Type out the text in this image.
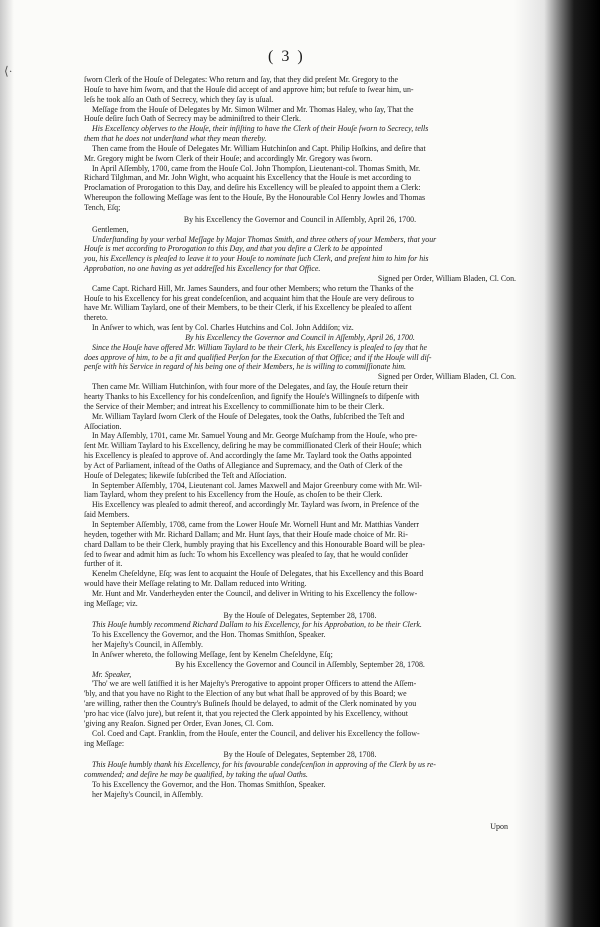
⟨·
( 3 )

ſworn Clerk of the Houſe of Delegates: Who return and ſay, that they did preſent Mr. Gregory to the

Houſe to have him ſworn, and that the Houſe did accept of and approve him; but refuſe to ſwear him, un-

leſs he took alſo an Oath of Secrecy, which they ſay is uſual.

Meſſage from the Houſe of Delegates by Mr. Simon Wilmer and Mr. Thomas Haley, who ſay, That the

Houſe deſire ſuch Oath of Secrecy may be adminiſtred to their Clerk.

His Excellency obſerves to the Houſe, their inſiſting to have the Clerk of their Houſe ſworn to Secrecy, tells

them that he does not underſtand what they mean thereby.

Then came from the Houſe of Delegates Mr. William Hutchinſon and Capt. Philip Hoſkins, and deſire that

Mr. Gregory might be ſworn Clerk of their Houſe; and accordingly Mr. Gregory was ſworn.

In April Aſſembly, 1700, came from the Houſe Col. John Thompſon, Lieutenant-col. Thomas Smith, Mr.

Richard Tilghman, and Mr. John Wight, who acquaint his Excellency that the Houſe is met according to

Proclamation of Prorogation to this Day, and deſire his Excellency will be pleaſed to appoint them a Clerk:

Whereupon the following Meſſage was ſent to the Houſe, By the Honourable Col Henry Jowles and Thomas

Tench, Eſq;

By his Excellency the Governor and Council in Aſſembly, April 26, 1700.

Gentlemen,

Underſtanding by your verbal Meſſage by Major Thomas Smith, and three others of your Members, that your

Houſe is met according to Prorogation to this Day, and that you deſire a Clerk to be appointed

you, his Excellency is pleaſed to leave it to your Houſe to nominate ſuch Clerk, and preſent him to him for his

Approbation, no one having as yet addreſſed his Excellency for that Office.

Signed per Order, William Bladen, Cl. Con.

Came Capt. Richard Hill, Mr. James Saunders, and four other Members; who return the Thanks of the

Houſe to his Excellency for his great condeſcenſion, and acquaint him that the Houſe are very deſirous to

have Mr. William Taylard, one of their Members, to be their Clerk, if his Excellency be pleaſed to aſſent

thereto.

In Anſwer to which, was ſent by Col. Charles Hutchins and Col. John Addiſon; viz.

By his Excellency the Governor and Council in Aſſembly, April 26, 1700.

Since the Houſe have offered Mr. William Taylard to be their Clerk, his Excellency is pleaſed to ſay that he

does approve of him, to be a fit and qualified Perſon for the Execution of that Office; and if the Houſe will diſ-

penſe with his Service in regard of his being one of their Members, he is willing to commiſſionate him.

Signed per Order, William Bladen, Cl. Con.

Then came Mr. William Hutchinſon, with four more of the Delegates, and ſay, the Houſe return their

hearty Thanks to his Excellency for his condeſcenſion, and ſignify the Houſe's Willingneſs to diſpenſe with

the Service of their Member; and intreat his Excellency to commiſſionate him to be their Clerk.

Mr. William Taylard ſworn Clerk of the Houſe of Delegates, took the Oaths, ſubſcribed the Teſt and

Aſſociation.

In May Aſſembly, 1701, came Mr. Samuel Young and Mr. George Muſchamp from the Houſe, who pre-

ſent Mr. William Taylard to his Excellency, deſiring he may be commiſſionated Clerk of their Houſe; which

his Excellency is pleaſed to approve of. And accordingly the ſame Mr. Taylard took the Oaths appointed

by Act of Parliament, inſtead of the Oaths of Allegiance and Supremacy, and the Oath of Clerk of the

Houſe of Delegates; likewiſe ſubſcribed the Teſt and Aſſociation.

In September Aſſembly, 1704, Lieutenant col. James Maxwell and Major Greenbury come with Mr. Wil-

liam Taylard, whom they preſent to his Excellency from the Houſe, as choſen to be their Clerk.

His Excellency was pleaſed to admit thereof, and accordingly Mr. Taylard was ſworn, in Preſence of the

ſaid Members.

In September Aſſembly, 1708, came from the Lower Houſe Mr. Wornell Hunt and Mr. Matthias Vanderr

heyden, together with Mr. Richard Dallam; and Mr. Hunt ſays, that their Houſe made choice of Mr. Ri-

chard Dallam to be their Clerk, humbly praying that his Excellency and this Honourable Board will be plea-

ſed to ſwear and admit him as ſuch: To whom his Excellency was pleaſed to ſay, that he would conſider

further of it.

Kenelm Cheſeldyne, Eſq; was ſent to acquaint the Houſe of Delegates, that his Excellency and this Board

would have their Meſſage relating to Mr. Dallam reduced into Writing.

Mr. Hunt and Mr. Vanderheyden enter the Council, and deliver in Writing to his Excellency the follow-

ing Meſſage; viz.

By the Houſe of Delegates, September 28, 1708.

This Houſe humbly recommend Richard Dallam to his Excellency, for his Approbation, to be their Clerk.

To his Excellency the Governor, and the Hon. Thomas Smithſon, Speaker.

her Majeſty's Council, in Aſſembly.

In Anſwer whereto, the following Meſſage, ſent by Kenelm Cheſeldyne, Eſq;

By his Excellency the Governor and Council in Aſſembly, September 28, 1708.

Mr. Speaker,

'Tho' we are well ſatiſfied it is her Majeſty's Prerogative to appoint proper Officers to attend the Aſſem-

'bly, and that you have no Right to the Election of any but what ſhall be approved of by this Board; we

'are willing, rather then the Country's Buſineſs ſhould be delayed, to admit of the Clerk nominated by you

'pro hac vice (ſalvo jure), but reſent it, that you rejected the Clerk appointed by his Excellency, without

'giving any Reaſon. Signed per Order, Evan Jones, Cl. Com.

Col. Coed and Capt. Franklin, from the Houſe, enter the Council, and deliver his Excellency the follow-

ing Meſſage:

By the Houſe of Delegates, September 28, 1708.

This Houſe humbly thank his Excellency, for his favourable condeſcenſion in approving of the Clerk by us re-

commended; and deſire he may be qualified, by taking the uſual Oaths.

To his Excellency the Governor, and the Hon. Thomas Smithſon, Speaker.

her Majeſty's Council, in Aſſembly.

Upon
